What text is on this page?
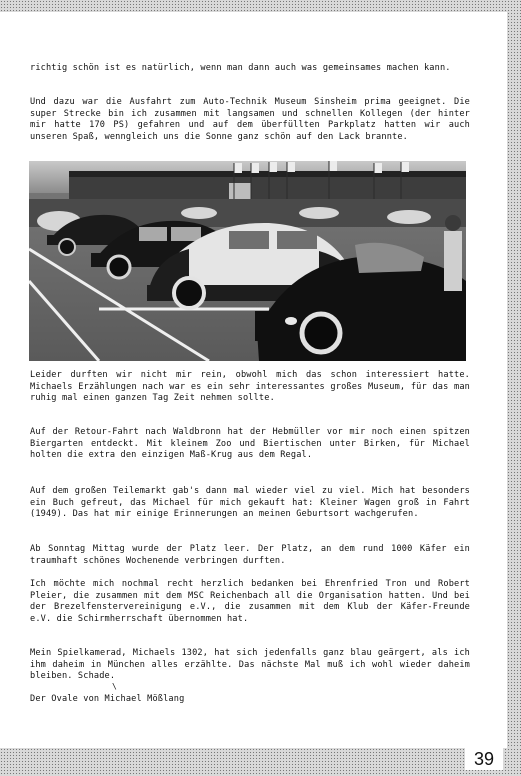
39
richtig schön ist es natürlich, wenn man dann auch was gemeinsames machen kann.
Und dazu war die Ausfahrt zum Auto-Technik Museum Sinsheim prima geeignet. Die super Strecke bin ich zusammen mit langsamen und schnellen Kollegen (der hinter mir hatte 170 PS) gefahren und auf dem überfüllten Parkplatz hatten wir auch unseren Spaß, wenngleich uns die Sonne ganz schön auf den Lack brannte.
Leider durften wir nicht mir rein, obwohl mich das schon interessiert hatte. Michaels Erzählungen nach war es ein sehr interessantes großes Museum, für das man ruhig mal einen ganzen Tag Zeit nehmen sollte.
Auf der Retour-Fahrt nach Waldbronn hat der Hebmüller vor mir noch einen spitzen Biergarten entdeckt. Mit kleinem Zoo und Biertischen unter Birken, für Michael holten die extra den einzigen Maß-Krug aus dem Regal.
Auf dem großen Teilemarkt gab's dann mal wieder viel zu viel. Mich hat besonders ein Buch gefreut, das Michael für mich gekauft hat: Kleiner Wagen groß in Fahrt (1949). Das hat mir einige Erinnerungen an meinen Geburtsort wachgerufen.
Ab Sonntag Mittag wurde der Platz leer. Der Platz, an dem rund 1000 Käfer ein traumhaft schönes Wochenende verbringen durften.
Ich möchte mich nochmal recht herzlich bedanken bei Ehrenfried Tron und Robert Pleier, die zusammen mit dem MSC Reichenbach all die Organisation hatten. Und bei der Brezelfenstervereinigung e.V., die zusammen mit dem Klub der Käfer-Freunde e.V. die Schirmherrschaft übernommen hat.
Mein Spielkamerad, Michaels 1302, hat sich jedenfalls ganz blau geärgert, als ich ihm daheim in München alles erzählte. Das nächste Mal muß ich wohl wieder daheim bleiben. Schade.
\
Der Ovale von Michael Mößlang
